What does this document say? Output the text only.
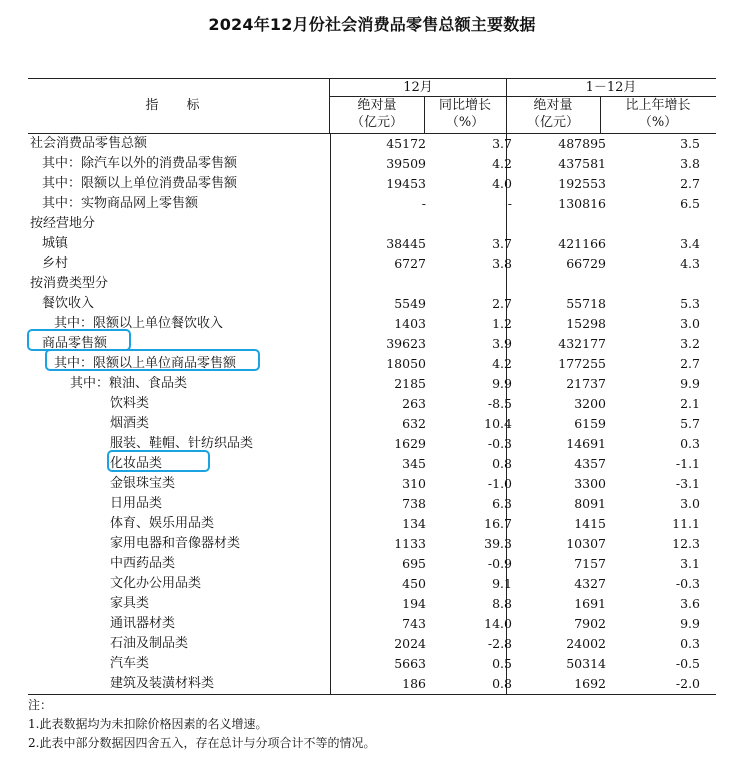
2024年12月份社会消费品零售总额主要数据
指 标
12月	1－12月
绝对量
（亿元）
同比增长
（%）
绝对量
（亿元）
比上年增长
（%）
社会消费品零售总额	45172	3.7	487895	3.5
其中：除汽车以外的消费品零售额	39509	4.2	437581	3.8
其中：限额以上单位消费品零售额	19453	4.0	192553	2.7
其中：实物商品网上零售额	-	-	130816	6.5
按经营地分
城镇	38445	3.7	421166	3.4
乡村	6727	3.8	66729	4.3
按消费类型分
餐饮收入	5549	2.7	55718	5.3
其中：限额以上单位餐饮收入	1403	1.2	15298	3.0
商品零售额	39623	3.9	432177	3.2
其中：限额以上单位商品零售额	18050	4.2	177255	2.7
其中：粮油、食品类	2185	9.9	21737	9.9
饮料类	263	-8.5	3200	2.1
烟酒类	632	10.4	6159	5.7
服装、鞋帽、针纺织品类	1629	-0.3	14691	0.3
化妆品类	345	0.8	4357	-1.1
金银珠宝类	310	-1.0	3300	-3.1
日用品类	738	6.3	8091	3.0
体育、娱乐用品类	134	16.7	1415	11.1
家用电器和音像器材类	1133	39.3	10307	12.3
中西药品类	695	-0.9	7157	3.1
文化办公用品类	450	9.1	4327	-0.3
家具类	194	8.8	1691	3.6
通讯器材类	743	14.0	7902	9.9
石油及制品类	2024	-2.8	24002	0.3
汽车类	5663	0.5	50314	-0.5
建筑及装潢材料类	186	0.8	1692	-2.0
注：
1.此表数据均为未扣除价格因素的名义增速。
2.此表中部分数据因四舍五入，存在总计与分项合计不等的情况。
